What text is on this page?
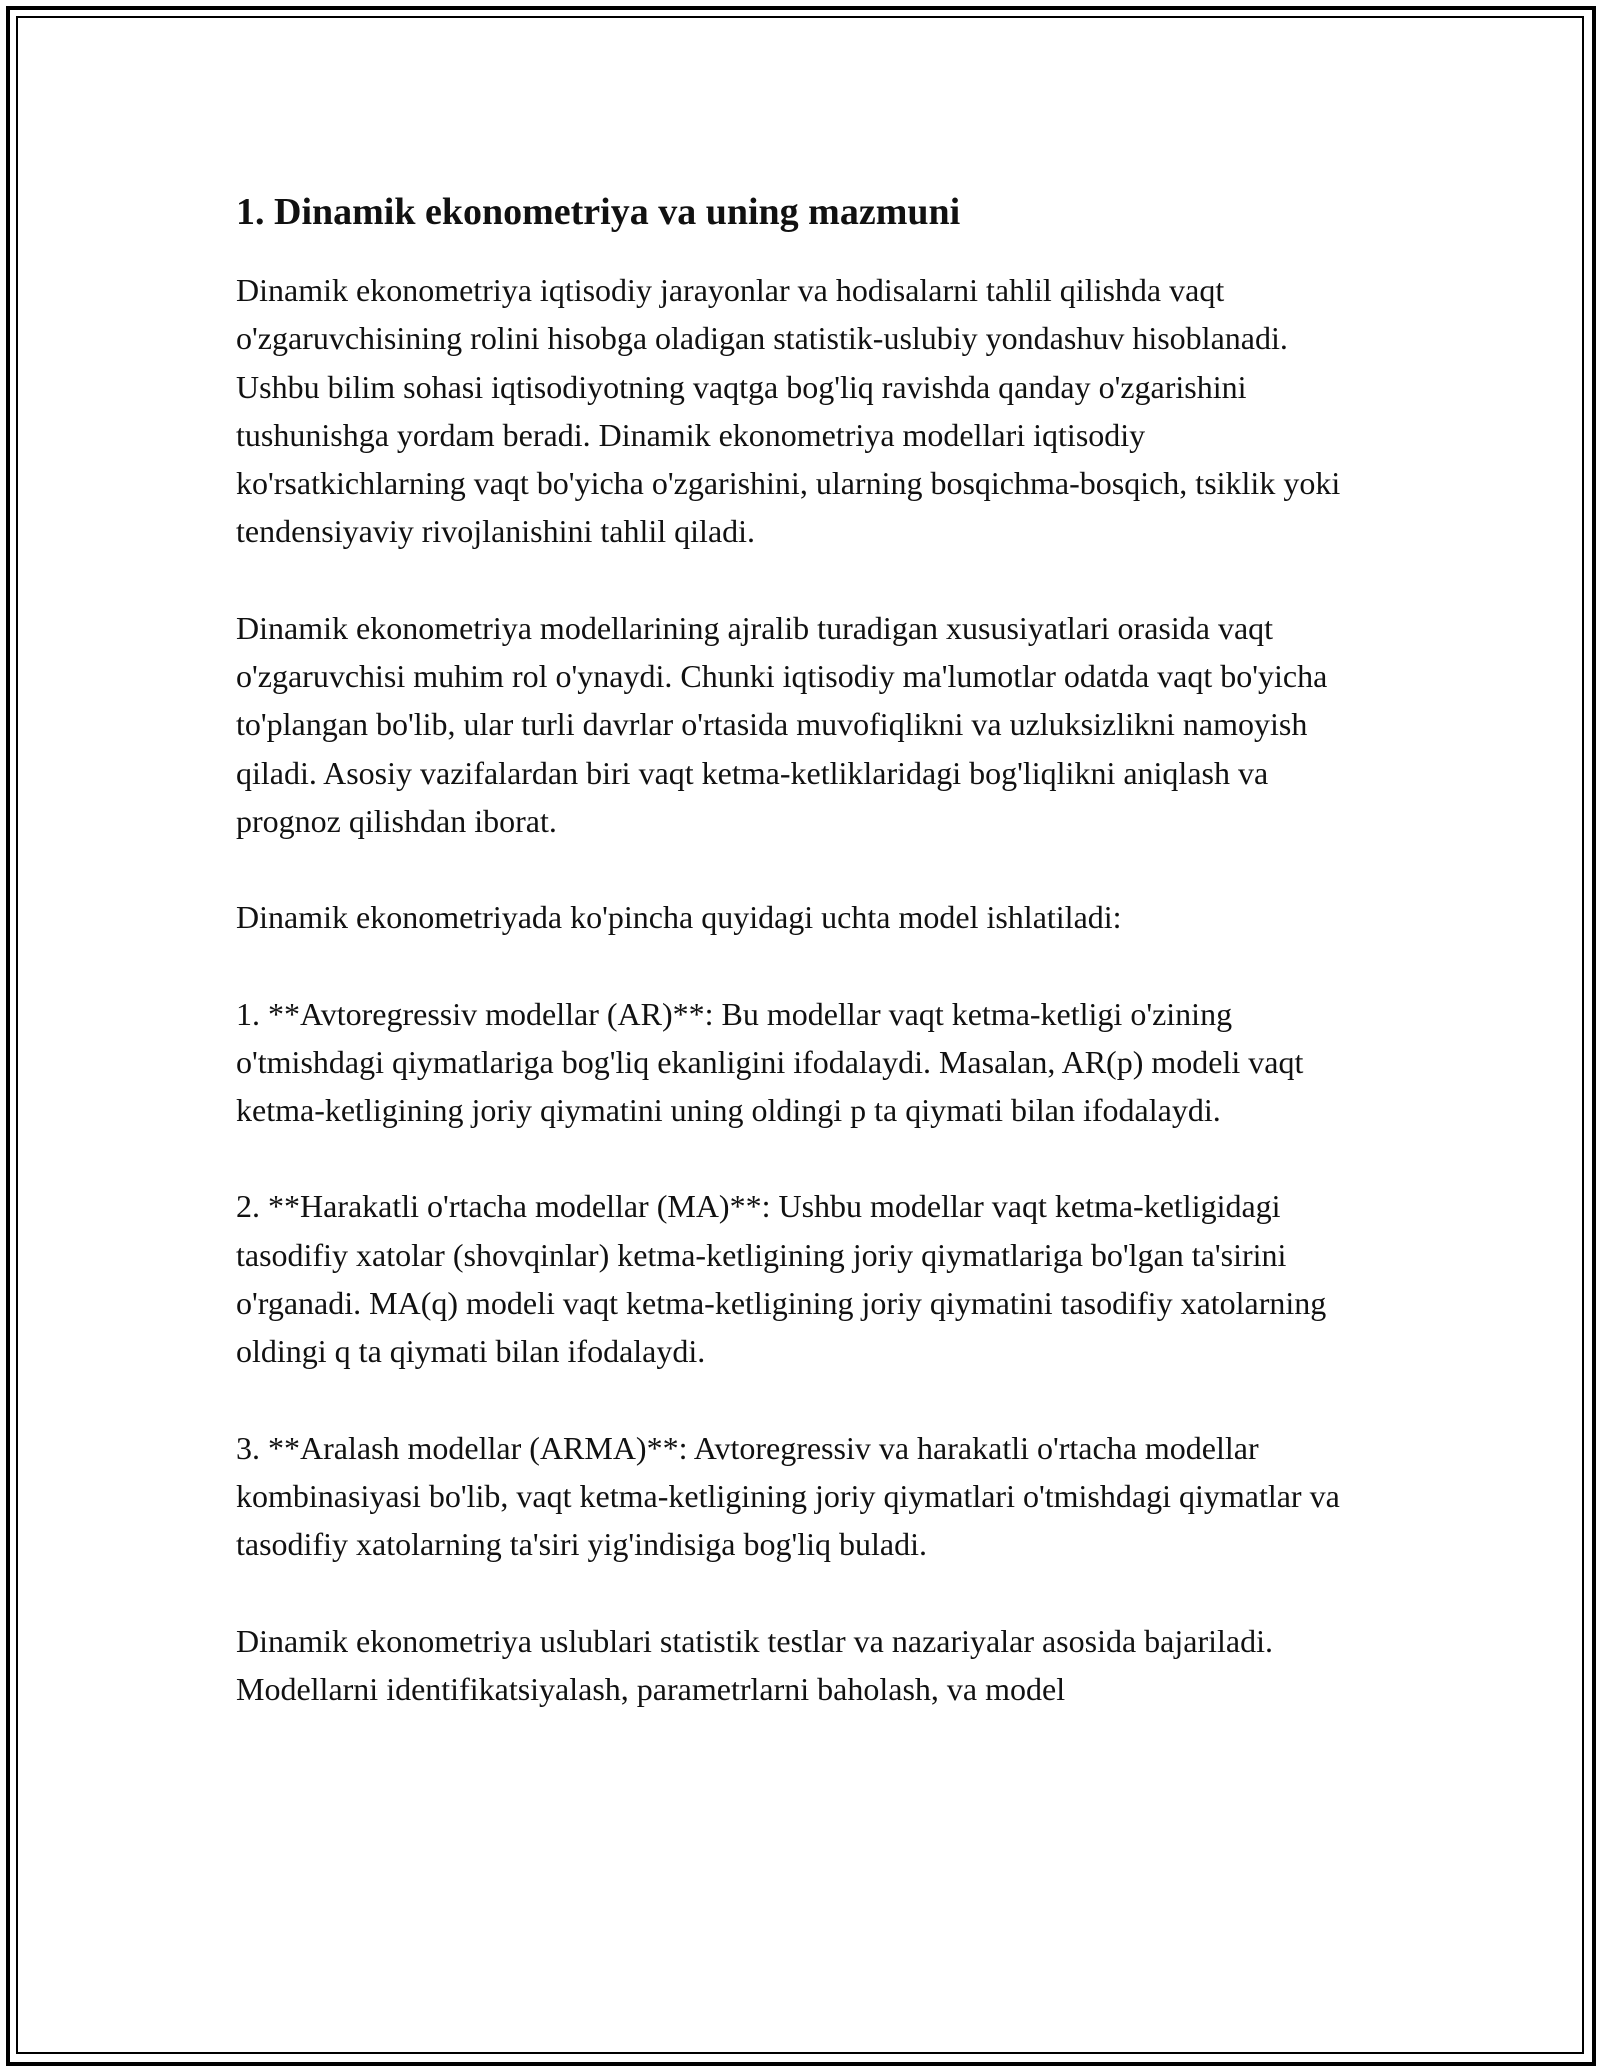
1. Dinamik ekonometriya va uning mazmuni

Dinamik ekonometriya iqtisodiy jarayonlar va hodisalarni tahlil qilishda vaqt o'zgaruvchisining rolini hisobga oladigan statistik-uslubiy yondashuv hisoblanadi. Ushbu bilim sohasi iqtisodiyotning vaqtga bog'liq ravishda qanday o'zgarishini tushunishga yordam beradi. Dinamik ekonometriya modellari iqtisodiy ko'rsatkichlarning vaqt bo'yicha o'zgarishini, ularning bosqichma-bosqich, tsiklik yoki tendensiyaviy rivojlanishini tahlil qiladi.

Dinamik ekonometriya modellarining ajralib turadigan xususiyatlari orasida vaqt o'zgaruvchisi muhim rol o'ynaydi. Chunki iqtisodiy ma'lumotlar odatda vaqt bo'yicha to'plangan bo'lib, ular turli davrlar o'rtasida muvofiqlikni va uzluksizlikni namoyish qiladi. Asosiy vazifalardan biri vaqt ketma-ketliklaridagi bog'liqlikni aniqlash va prognoz qilishdan iborat.

Dinamik ekonometriyada ko'pincha quyidagi uchta model ishlatiladi:

1. **Avtoregressiv modellar (AR)**: Bu modellar vaqt ketma-ketligi o'zining o'tmishdagi qiymatlariga bog'liq ekanligini ifodalaydi. Masalan, AR(p) modeli vaqt ketma-ketligining joriy qiymatini uning oldingi p ta qiymati bilan ifodalaydi.

2. **Harakatli o'rtacha modellar (MA)**: Ushbu modellar vaqt ketma-ketligidagi tasodifiy xatolar (shovqinlar) ketma-ketligining joriy qiymatlariga bo'lgan ta'sirini o'rganadi. MA(q) modeli vaqt ketma-ketligining joriy qiymatini tasodifiy xatolarning oldingi q ta qiymati bilan ifodalaydi.

3. **Aralash modellar (ARMA)**: Avtoregressiv va harakatli o'rtacha modellar kombinasiyasi bo'lib, vaqt ketma-ketligining joriy qiymatlari o'tmishdagi qiymatlar va tasodifiy xatolarning ta'siri yig'indisiga bog'liq buladi.

Dinamik ekonometriya uslublari statistik testlar va nazariyalar asosida bajariladi. Modellarni identifikatsiyalash, parametrlarni baholash, va model
